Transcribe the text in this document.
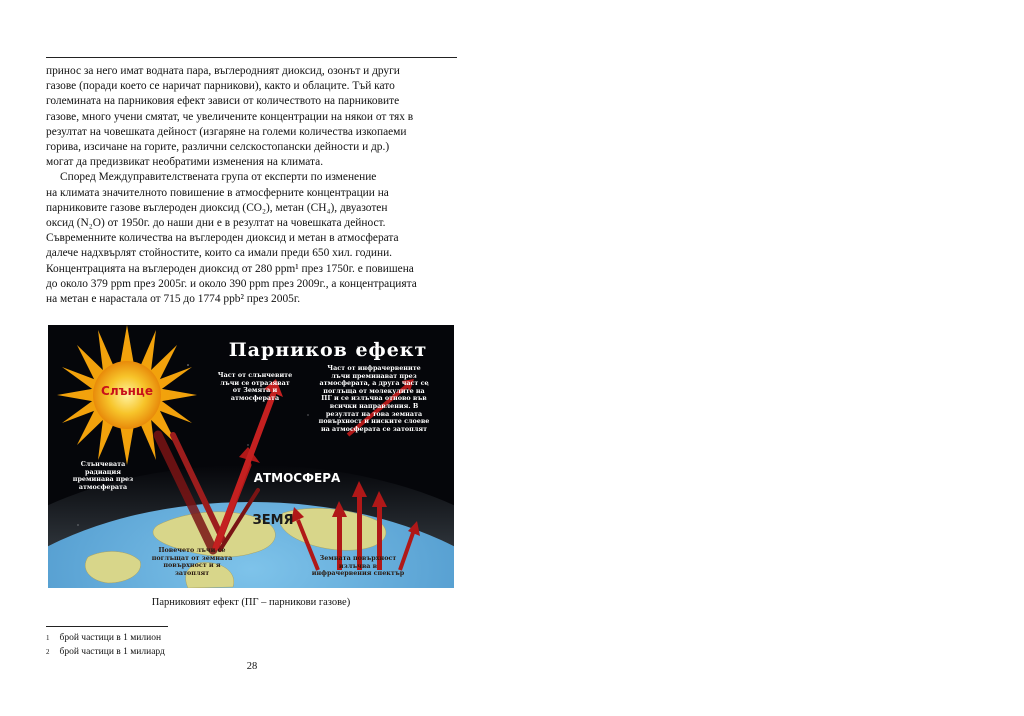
принос за него имат водната пара, въглеродният диоксид, озонът и други
газове (поради което се наричат парникови), както и облаците. Тъй като
големината на парниковия ефект зависи от количеството на парниковите
газове, много учени смятат, че увеличените концентрации на някои от тях в
резултат на човешката дейност (изгаряне на големи количества изкопаеми
горива, изсичане на горите, различни селскостопански дейности и др.)
могат да предизвикат необратими изменения на климата.

Според Междуправителствената група от експерти по изменение
на климата значителното повишение в атмосферните концентрации на
парниковите газове въглероден диоксид (CO₂), метан (CH₄), двуазотен
оксид (N₂O) от 1950г. до наши дни е в резултат на човешката дейност.
Съвременните количества на въглероден диоксид и метан в атмосферата
далече надхвърлят стойностите, които са имали преди 650 хил. години.
Концентрацията на въглероден диоксид от 280 ppm¹ през 1750г. е повишена
до около 379 ppm през 2005г. и около 390 ppm през 2009г., а концентрацията
на метан е нарастала от 715 до 1774 ppb² през 2005г.

Парников ефект
Слънце
Част от слънчевите лъчи се отразяват от Земята и атмосферата
Част от инфрачервените лъчи преминават през атмосферата, а друга част се поглъща от молекулите на ПГ и се излъчва отново във всички направления. В резултат на това земната повърхност и ниските слоеве на атмосферата се затоплят
Слънчевата радиация преминава през атмосферата
АТМОСФЕРА
ЗЕМЯ
Повечето лъчи се поглъщат от земната повърхност и я затоплят
Земната повърхност излъчва в инфрачервения спектър
Парниковият ефект (ПГ – парникови газове)
$^1$ брой частици в 1 милион
$^2$ брой частици в 1 милиард
28
